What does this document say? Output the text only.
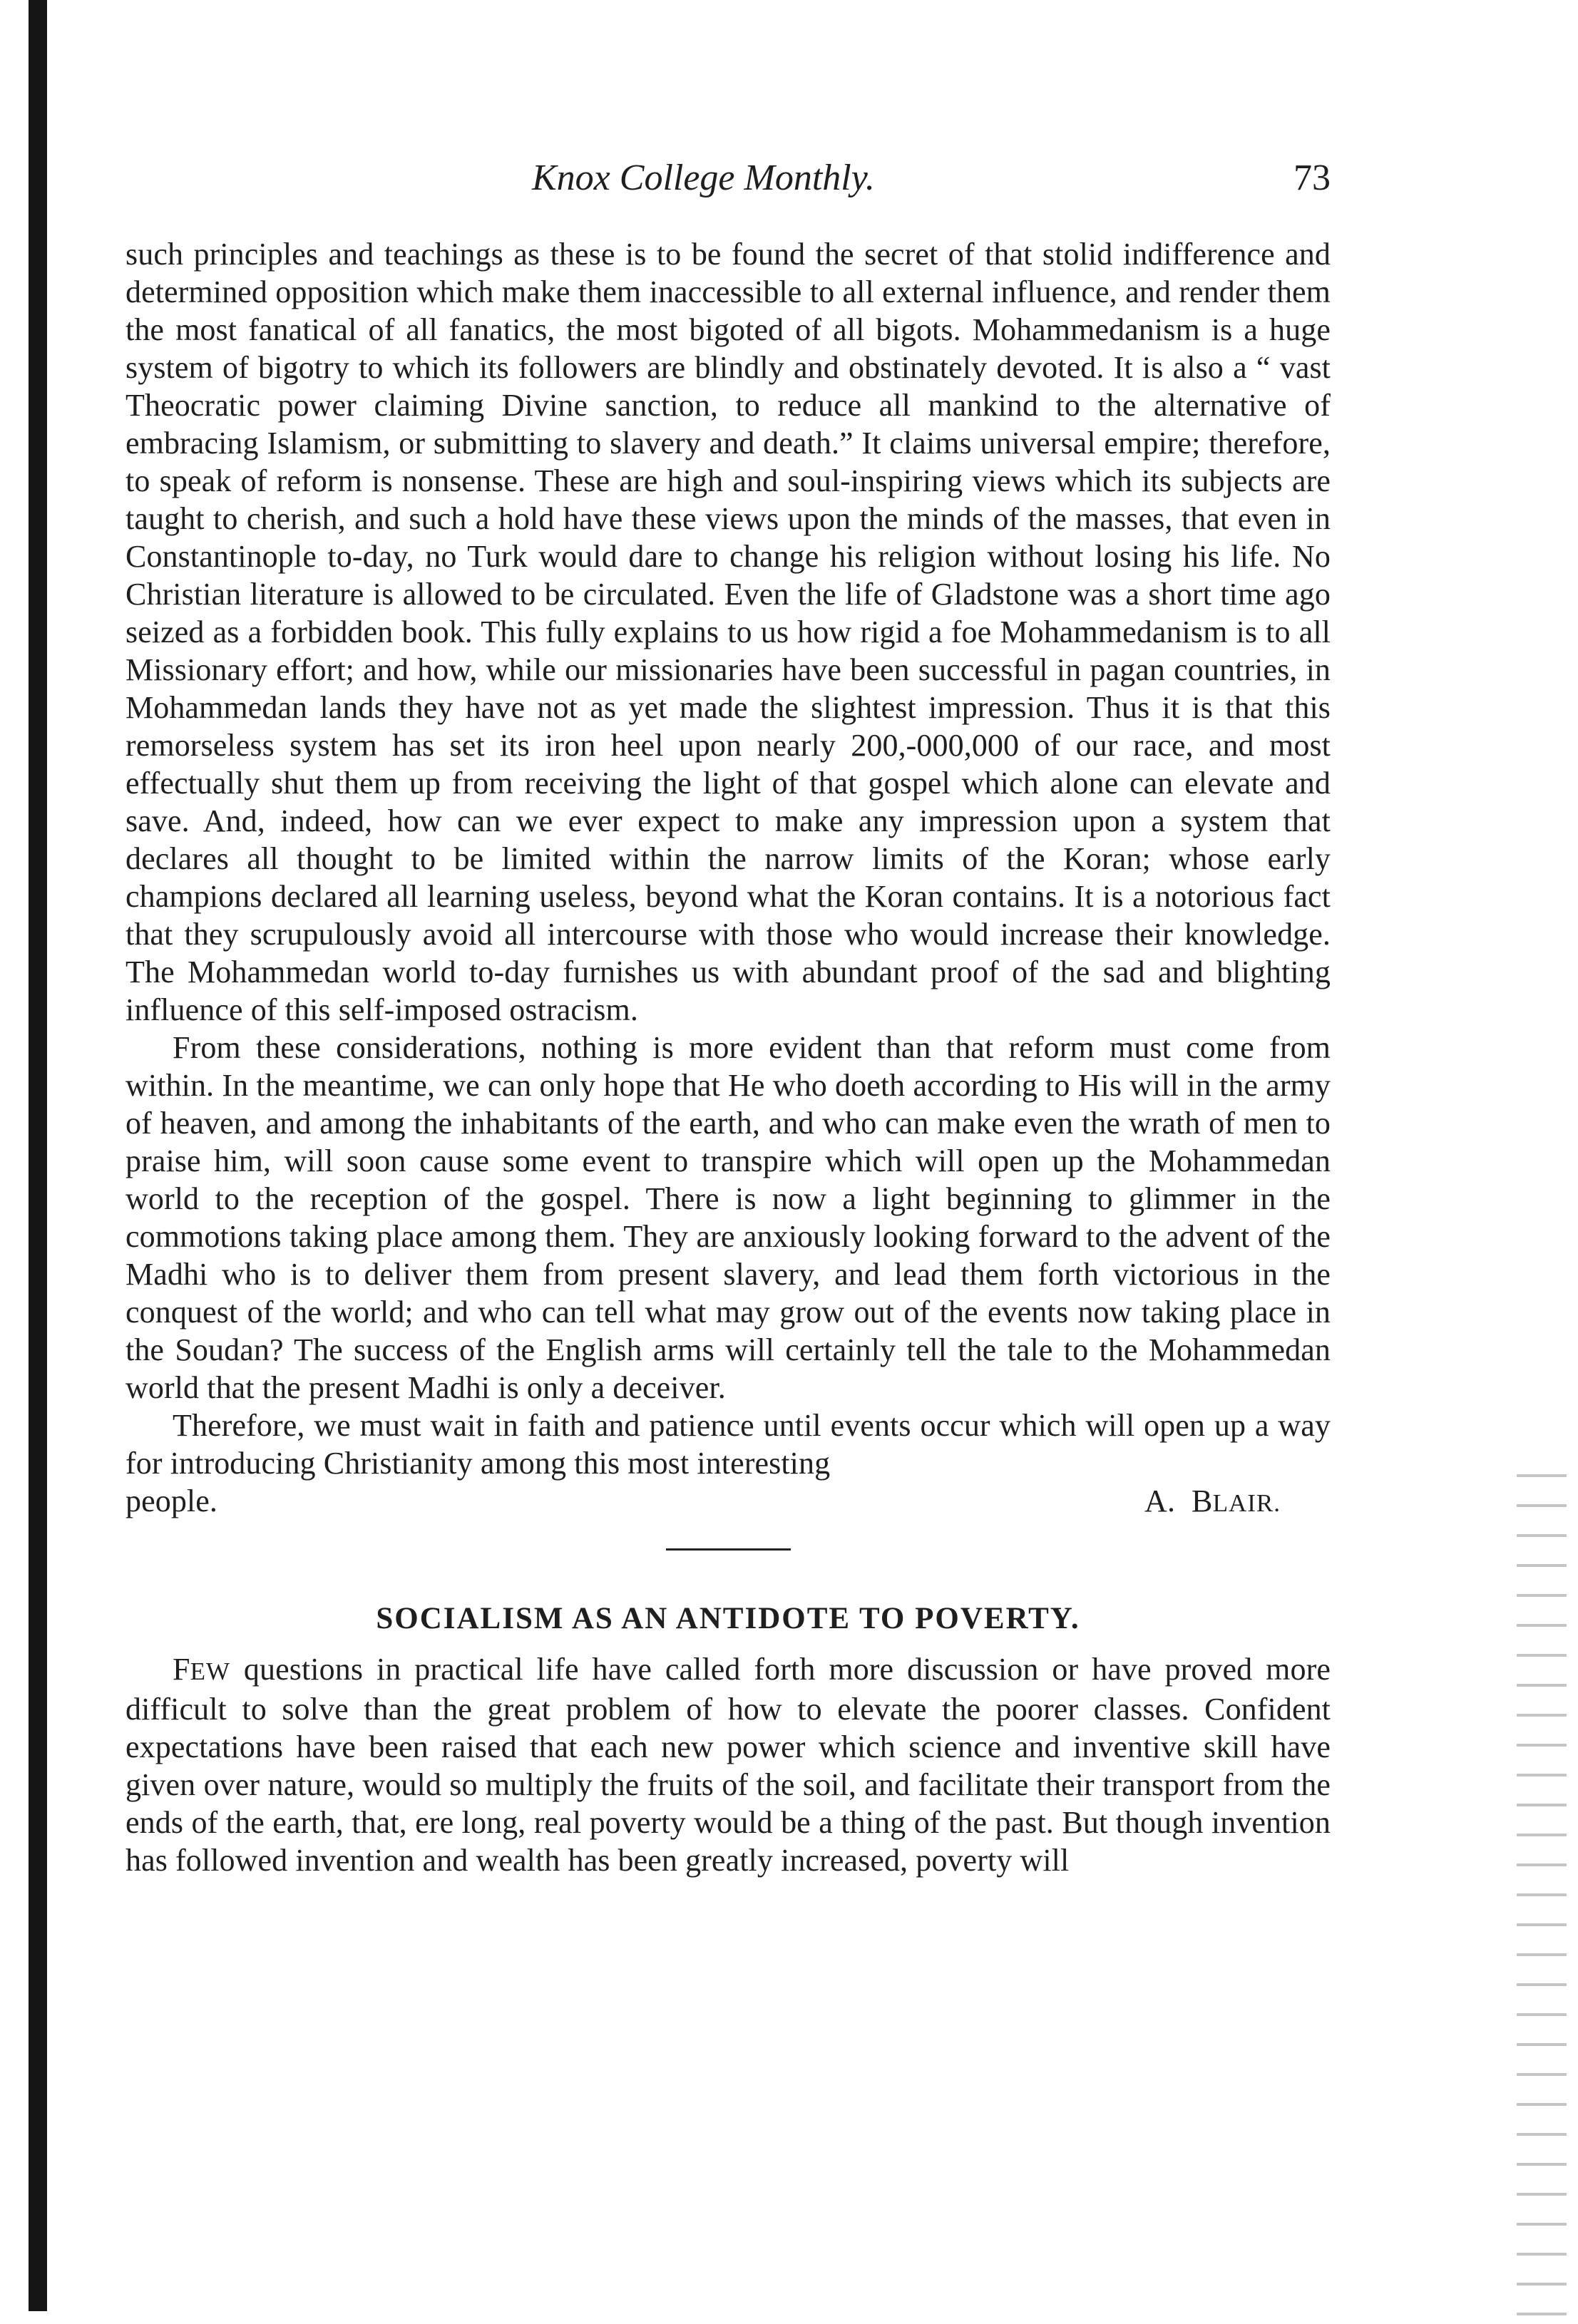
Knox College Monthly.	73

such principles and teachings as these is to be found the secret of that stolid indifference and determined opposition which make them inaccessible to all external influence, and render them the most fanatical of all fanatics, the most bigoted of all bigots. Mohammedanism is a huge system of bigotry to which its followers are blindly and obstinately devoted. It is also a “ vast Theocratic power claiming Divine sanction, to reduce all mankind to the alternative of embracing Islamism, or submitting to slavery and death.” It claims universal empire; therefore, to speak of reform is nonsense. These are high and soul-inspiring views which its subjects are taught to cherish, and such a hold have these views upon the minds of the masses, that even in Constantinople to-day, no Turk would dare to change his religion without losing his life. No Christian literature is allowed to be circulated. Even the life of Gladstone was a short time ago seized as a forbidden book. This fully explains to us how rigid a foe Mohammedanism is to all Missionary effort; and how, while our missionaries have been successful in pagan countries, in Mohammedan lands they have not as yet made the slightest impression. Thus it is that this remorseless system has set its iron heel upon nearly 200,-000,000 of our race, and most effectually shut them up from receiving the light of that gospel which alone can elevate and save. And, indeed, how can we ever expect to make any impression upon a system that declares all thought to be limited within the narrow limits of the Koran; whose early champions declared all learning useless, beyond what the Koran contains. It is a notorious fact that they scrupulously avoid all intercourse with those who would increase their knowledge. The Mohammedan world to-day furnishes us with abundant proof of the sad and blighting influence of this self-imposed ostracism.

From these considerations, nothing is more evident than that reform must come from within. In the meantime, we can only hope that He who doeth according to His will in the army of heaven, and among the inhabitants of the earth, and who can make even the wrath of men to praise him, will soon cause some event to transpire which will open up the Mohammedan world to the reception of the gospel. There is now a light beginning to glimmer in the commotions taking place among them. They are anxiously looking forward to the advent of the Madhi who is to deliver them from present slavery, and lead them forth victorious in the conquest of the world; and who can tell what may grow out of the events now taking place in the Soudan? The success of the English arms will certainly tell the tale to the Mohammedan world that the present Madhi is only a deceiver.

Therefore, we must wait in faith and patience until events occur which will open up a way for introducing Christianity among this most interesting

people.	A. BLAIR.
SOCIALISM AS AN ANTIDOTE TO POVERTY.

FEW questions in practical life have called forth more discussion or have proved more difficult to solve than the great problem of how to elevate the poorer classes. Confident expectations have been raised that each new power which science and inventive skill have given over nature, would so multiply the fruits of the soil, and facilitate their transport from the ends of the earth, that, ere long, real poverty would be a thing of the past. But though invention has followed invention and wealth has been greatly increased, poverty will
